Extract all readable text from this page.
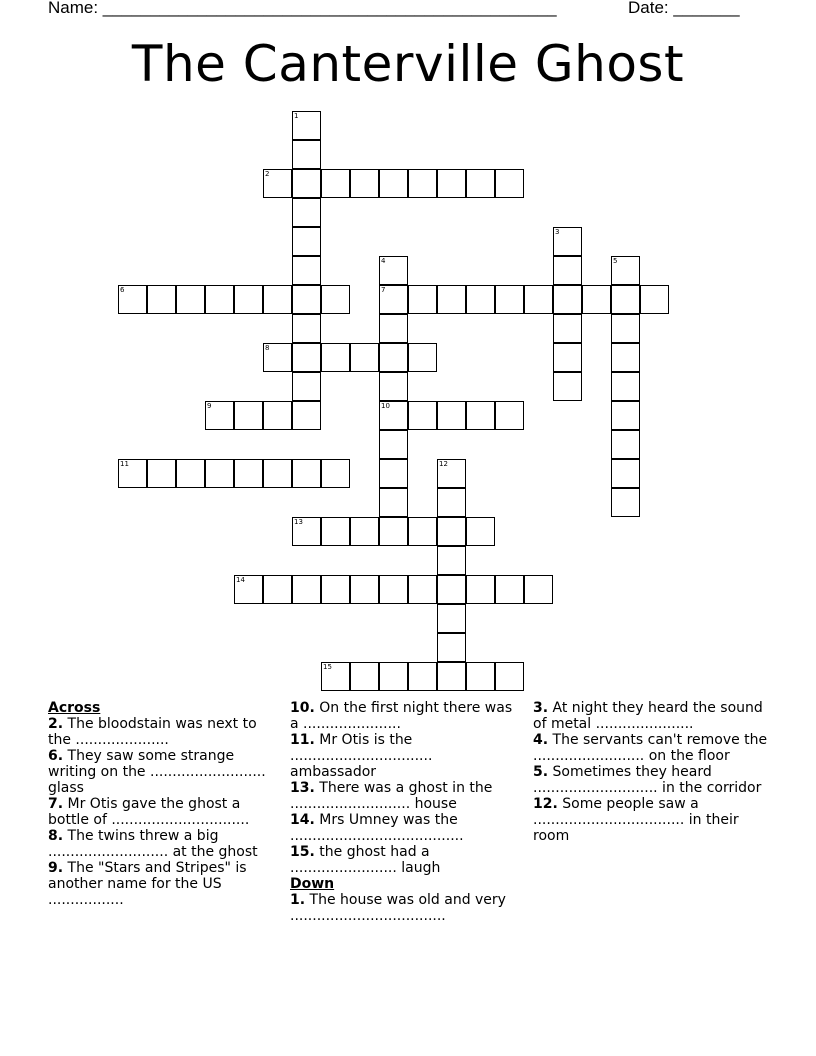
Name: ________________________________________________	Date: _______
The Canterville Ghost
1
2
3
4
7
10
5
6
8
9
11	12
13
14
15
Across
2. The bloodstain was next to the .....................
6. They saw some strange writing on the .......................... glass
7. Mr Otis gave the ghost a bottle of ...............................
8. The twins threw a big ........................... at the ghost
9. The "Stars and Stripes" is another name for the US .................
10. On the first night there was a ......................
11. Mr Otis is the ................................ ambassador
13. There was a ghost in the ........................... house
14. Mrs Umney was the .......................................
15. the ghost had a ........................ laugh
Down
1. The house was old and very ...................................
3. At night they heard the sound of metal ......................
4. The servants can't remove the ......................... on the floor
5. Sometimes they heard ............................ in the corridor
12. Some people saw a .................................. in their room
